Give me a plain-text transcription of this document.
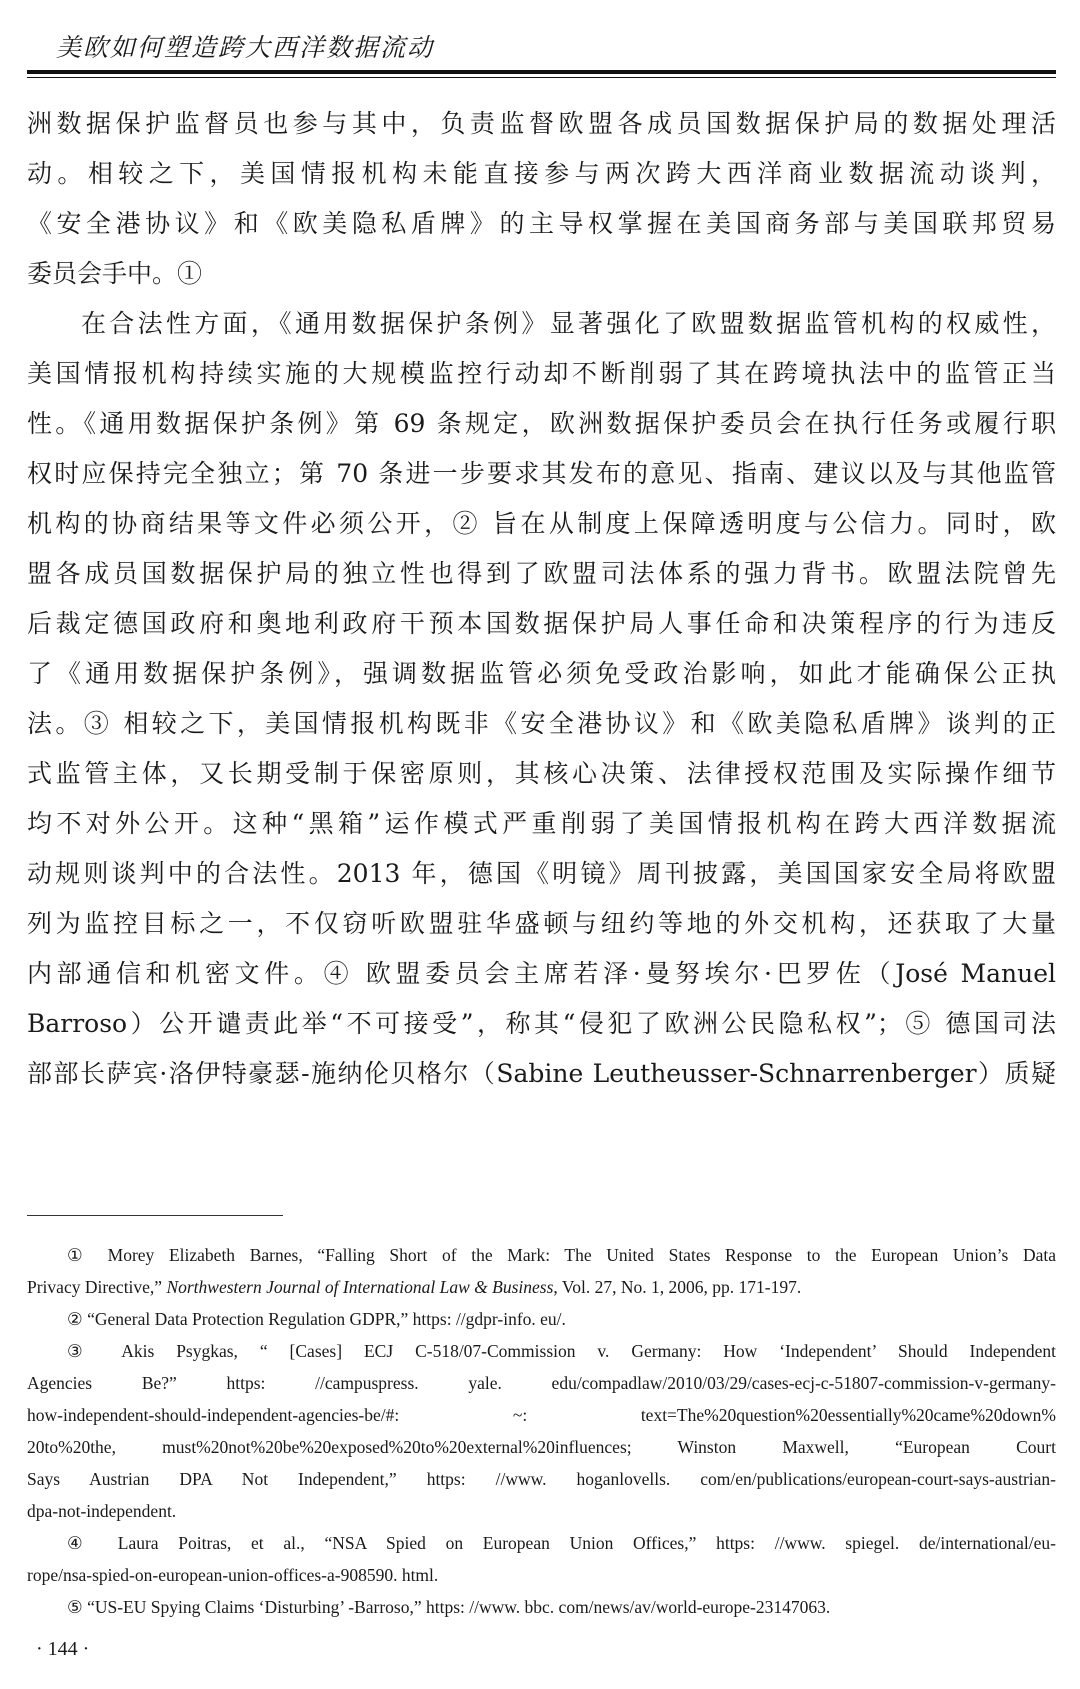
美欧如何塑造跨大西洋数据流动
洲数据保护监督员也参与其中，负责监督欧盟各成员国数据保护局的数据处理活
动。相较之下，美国情报机构未能直接参与两次跨大西洋商业数据流动谈判，
《安全港协议》和《欧美隐私盾牌》的主导权掌握在美国商务部与美国联邦贸易
委员会手中。①
在合法性方面，《通用数据保护条例》显著强化了欧盟数据监管机构的权威性，
美国情报机构持续实施的大规模监控行动却不断削弱了其在跨境执法中的监管正当
性。《通用数据保护条例》第 69 条规定，欧洲数据保护委员会在执行任务或履行职
权时应保持完全独立；第 70 条进一步要求其发布的意见、指南、建议以及与其他监管
机构的协商结果等文件必须公开，② 旨在从制度上保障透明度与公信力。同时，欧
盟各成员国数据保护局的独立性也得到了欧盟司法体系的强力背书。欧盟法院曾先
后裁定德国政府和奥地利政府干预本国数据保护局人事任命和决策程序的行为违反
了《通用数据保护条例》，强调数据监管必须免受政治影响，如此才能确保公正执
法。③ 相较之下，美国情报机构既非《安全港协议》和《欧美隐私盾牌》谈判的正
式监管主体，又长期受制于保密原则，其核心决策、法律授权范围及实际操作细节
均不对外公开。这种“黑箱”运作模式严重削弱了美国情报机构在跨大西洋数据流
动规则谈判中的合法性。2013 年，德国《明镜》周刊披露，美国国家安全局将欧盟
列为监控目标之一，不仅窃听欧盟驻华盛顿与纽约等地的外交机构，还获取了大量
内部通信和机密文件。④ 欧盟委员会主席若泽·曼努埃尔·巴罗佐（José Manuel
Barroso）公开谴责此举“不可接受”，称其“侵犯了欧洲公民隐私权”；⑤ 德国司法
部部长萨宾·洛伊特豪瑟-施纳伦贝格尔（Sabine Leutheusser-Schnarrenberger）质疑
① Morey Elizabeth Barnes, “Falling Short of the Mark: The United States Response to the European Union’s Data
Privacy Directive,” Northwestern Journal of International Law & Business, Vol. 27, No. 1, 2006, pp. 171-197.
② “General Data Protection Regulation GDPR,” https: //gdpr-info. eu/.
③ Akis Psygkas, “ [Cases] ECJ C-518/07-Commission v. Germany: How ‘Independent’ Should Independent
Agencies Be?” https: //campuspress. yale. edu/compadlaw/2010/03/29/cases-ecj-c-51807-commission-v-germany-
how-independent-should-independent-agencies-be/#: ~: text=The%20question%20essentially%20came%20down%
20to%20the, must%20not%20be%20exposed%20to%20external%20influences; Winston Maxwell, “European Court
Says Austrian DPA Not Independent,” https: //www. hoganlovells. com/en/publications/european-court-says-austrian-
dpa-not-independent.
④ Laura Poitras, et al., “NSA Spied on European Union Offices,” https: //www. spiegel. de/international/eu-
rope/nsa-spied-on-european-union-offices-a-908590. html.
⑤ “US-EU Spying Claims ‘Disturbing’ -Barroso,” https: //www. bbc. com/news/av/world-europe-23147063.
· 144 ·
